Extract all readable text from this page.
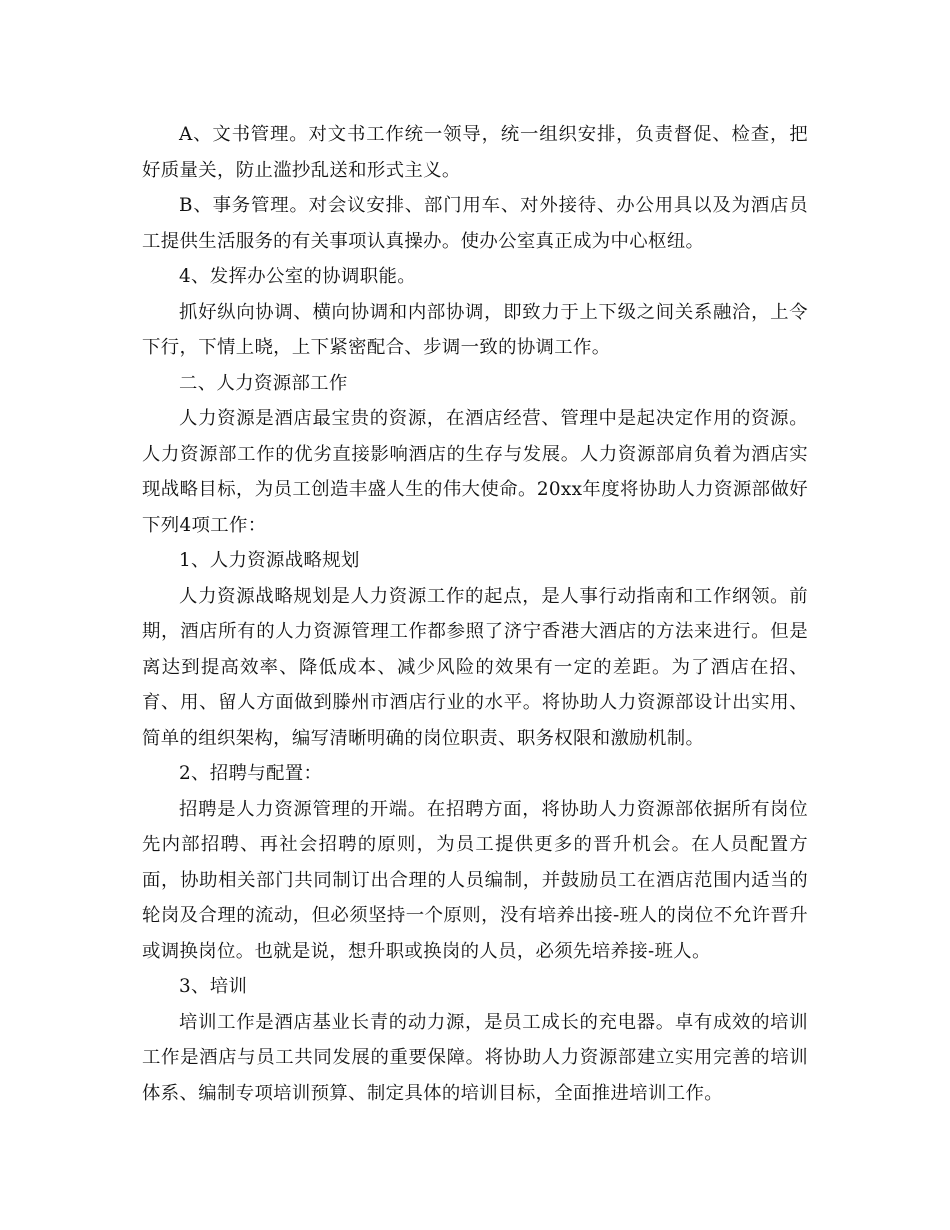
A、文书管理。对文书工作统一领导，统一组织安排，负责督促、检查，把好质量关，防止滥抄乱送和形式主义。

B、事务管理。对会议安排、部门用车、对外接待、办公用具以及为酒店员工提供生活服务的有关事项认真操办。使办公室真正成为中心枢纽。

4、发挥办公室的协调职能。

抓好纵向协调、横向协调和内部协调，即致力于上下级之间关系融洽，上令下行，下情上晓，上下紧密配合、步调一致的协调工作。

二、人力资源部工作

人力资源是酒店最宝贵的资源，在酒店经营、管理中是起决定作用的资源。人力资源部工作的优劣直接影响酒店的生存与发展。人力资源部肩负着为酒店实现战略目标，为员工创造丰盛人生的伟大使命。20xx年度将协助人力资源部做好下列4项工作：

1、人力资源战略规划

人力资源战略规划是人力资源工作的起点，是人事行动指南和工作纲领。前期，酒店所有的人力资源管理工作都参照了济宁香港大酒店的方法来进行。但是离达到提高效率、降低成本、减少风险的效果有一定的差距。为了酒店在招、育、用、留人方面做到滕州市酒店行业的水平。将协助人力资源部设计出实用、简单的组织架构，编写清晰明确的岗位职责、职务权限和激励机制。

2、招聘与配置：

招聘是人力资源管理的开端。在招聘方面，将协助人力资源部依据所有岗位先内部招聘、再社会招聘的原则，为员工提供更多的晋升机会。在人员配置方面，协助相关部门共同制订出合理的人员编制，并鼓励员工在酒店范围内适当的轮岗及合理的流动，但必须坚持一个原则，没有培养出接-班人的岗位不允许晋升或调换岗位。也就是说，想升职或换岗的人员，必须先培养接-班人。

3、培训

培训工作是酒店基业长青的动力源，是员工成长的充电器。卓有成效的培训工作是酒店与员工共同发展的重要保障。将协助人力资源部建立实用完善的培训体系、编制专项培训预算、制定具体的培训目标，全面推进培训工作。
